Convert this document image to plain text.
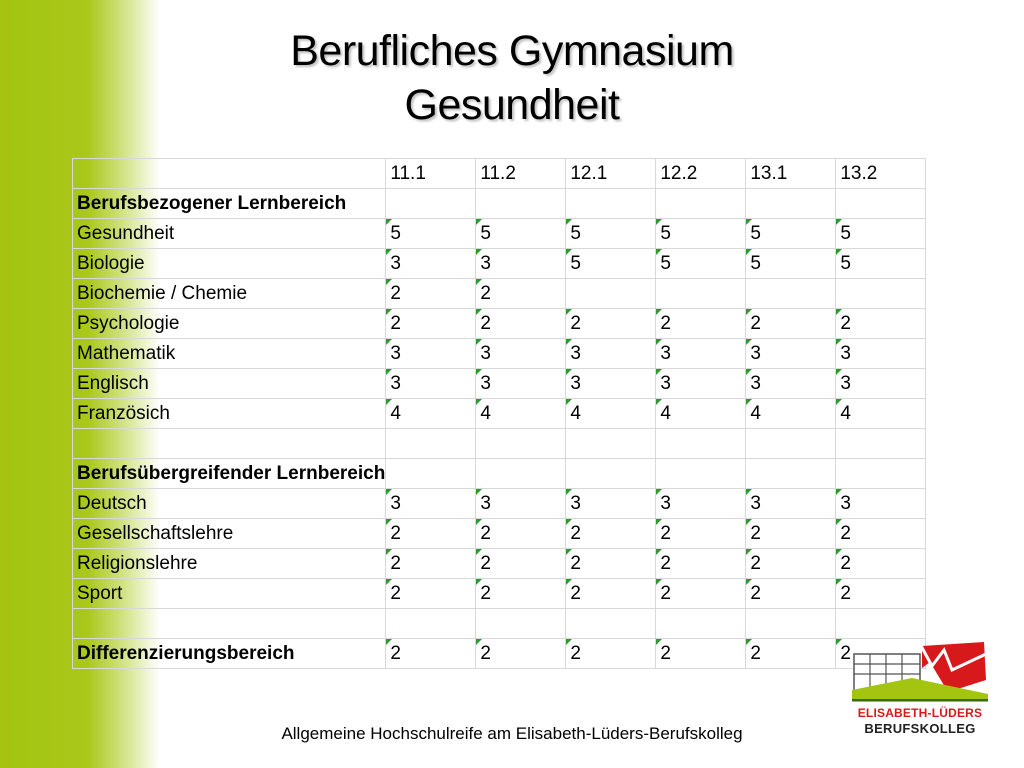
Berufliches Gymnasium
Gesundheit
	11.1	11.2	12.1	12.2	13.1	13.2
Berufsbezogener Lernbereich						
Gesundheit	5	5	5	5	5	5
Biologie	3	3	5	5	5	5
Biochemie / Chemie	2	2				
Psychologie	2	2	2	2	2	2
Mathematik	3	3	3	3	3	3
Englisch	3	3	3	3	3	3
Französich	4	4	4	4	4	4

Berufsübergreifender Lernbereich						
Deutsch	3	3	3	3	3	3
Gesellschaftslehre	2	2	2	2	2	2
Religionslehre	2	2	2	2	2	2
Sport	2	2	2	2	2	2

Differenzierungsbereich	2	2	2	2	2	2
ELISABETH-LÜDERS
BERUFSKOLLEG
Allgemeine Hochschulreife am Elisabeth-Lüders-Berufskolleg
